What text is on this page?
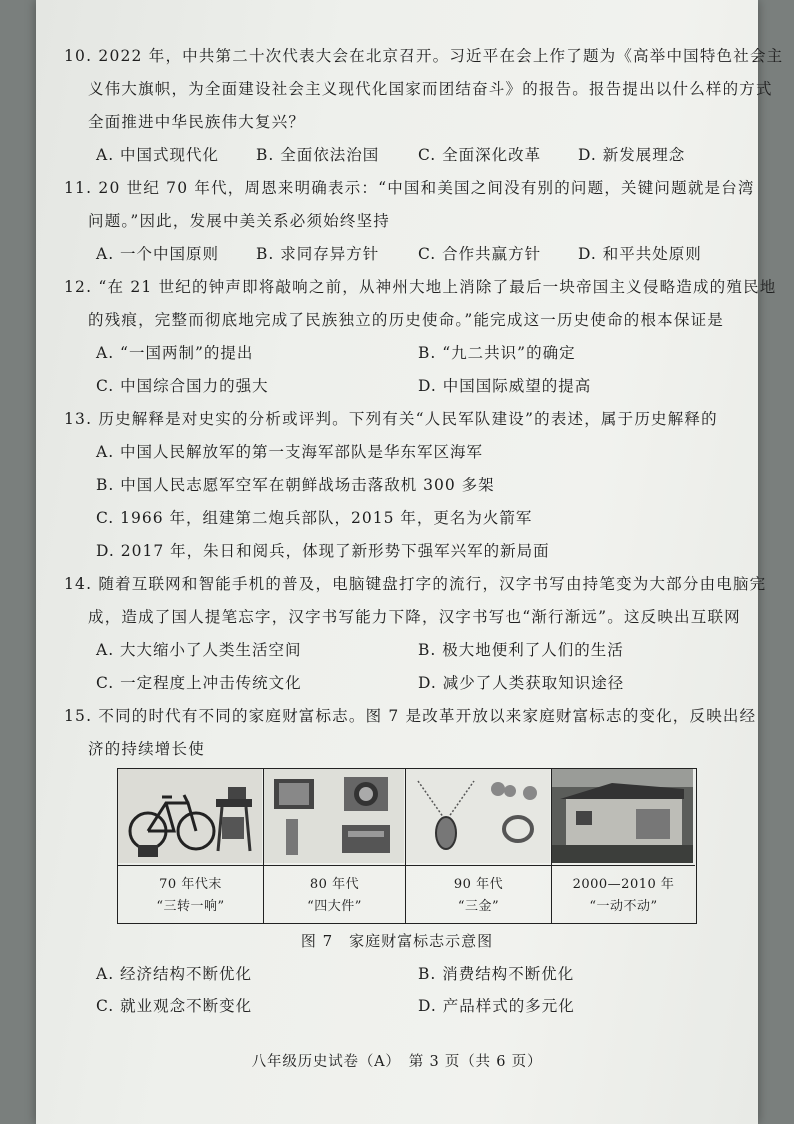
10. 2022 年，中共第二十次代表大会在北京召开。习近平在会上作了题为《高举中国特色社会主
义伟大旗帜，为全面建设社会主义现代化国家而团结奋斗》的报告。报告提出以什么样的方式
全面推进中华民族伟大复兴？
A. 中国式现代化 B. 全面依法治国	C. 全面深化改革 D. 新发展理念
11. 20 世纪 70 年代，周恩来明确表示：“中国和美国之间没有别的问题，关键问题就是台湾
问题。”因此，发展中美关系必须始终坚持
A. 一个中国原则 B. 求同存异方针	C. 合作共赢方针 D. 和平共处原则
12. “在 21 世纪的钟声即将敲响之前，从神州大地上消除了最后一块帝国主义侵略造成的殖民地
的残痕，完整而彻底地完成了民族独立的历史使命。”能完成这一历史使命的根本保证是
A. “一国两制”的提出	B. “九二共识”的确定
C. 中国综合国力的强大	D. 中国国际威望的提高
13. 历史解释是对史实的分析或评判。下列有关“人民军队建设”的表述，属于历史解释的
A. 中国人民解放军的第一支海军部队是华东军区海军
B. 中国人民志愿军空军在朝鲜战场击落敌机 300 多架
C. 1966 年，组建第二炮兵部队，2015 年，更名为火箭军
D. 2017 年，朱日和阅兵，体现了新形势下强军兴军的新局面
14. 随着互联网和智能手机的普及，电脑键盘打字的流行，汉字书写由持笔变为大部分由电脑完
成，造成了国人提笔忘字，汉字书写能力下降，汉字书写也“渐行渐远”。这反映出互联网
A. 大大缩小了人类生活空间	B. 极大地便利了人们的生活
C. 一定程度上冲击传统文化	D. 减少了人类获取知识途径
15. 不同的时代有不同的家庭财富标志。图 7 是改革开放以来家庭财富标志的变化，反映出经
济的持续增长使
70 年代末
“三转一响”
80 年代
“四大件”
90 年代
“三金”
2000—2010 年
“一动不动”
图 7　家庭财富标志示意图
A. 经济结构不断优化	B. 消费结构不断优化
C. 就业观念不断变化	D. 产品样式的多元化
八年级历史试卷（A）　第 3 页（共 6 页）
